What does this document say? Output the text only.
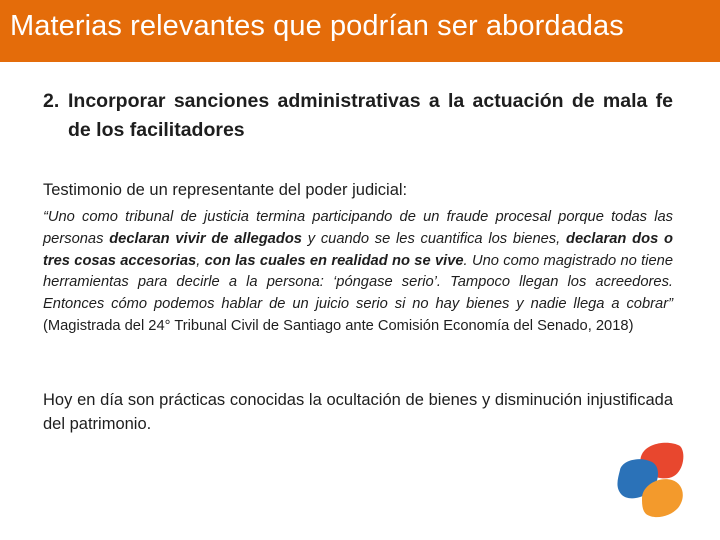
Materias relevantes que podrían ser abordadas
2. Incorporar sanciones administrativas a la actuación de mala fe de los facilitadores
Testimonio de un representante del poder judicial:
“Uno como tribunal de justicia termina participando de un fraude procesal porque todas las personas declaran vivir de allegados y cuando se les cuantifica los bienes, declaran dos o tres cosas accesorias, con las cuales en realidad no se vive. Uno como magistrado no tiene herramientas para decirle a la persona: ‘póngase serio’. Tampoco llegan los acreedores. Entonces cómo podemos hablar de un juicio serio si no hay bienes y nadie llega a cobrar” (Magistrada del 24° Tribunal Civil de Santiago ante Comisión Economía del Senado, 2018)
Hoy en día son prácticas conocidas la ocultación de bienes y disminución injustificada del patrimonio.
